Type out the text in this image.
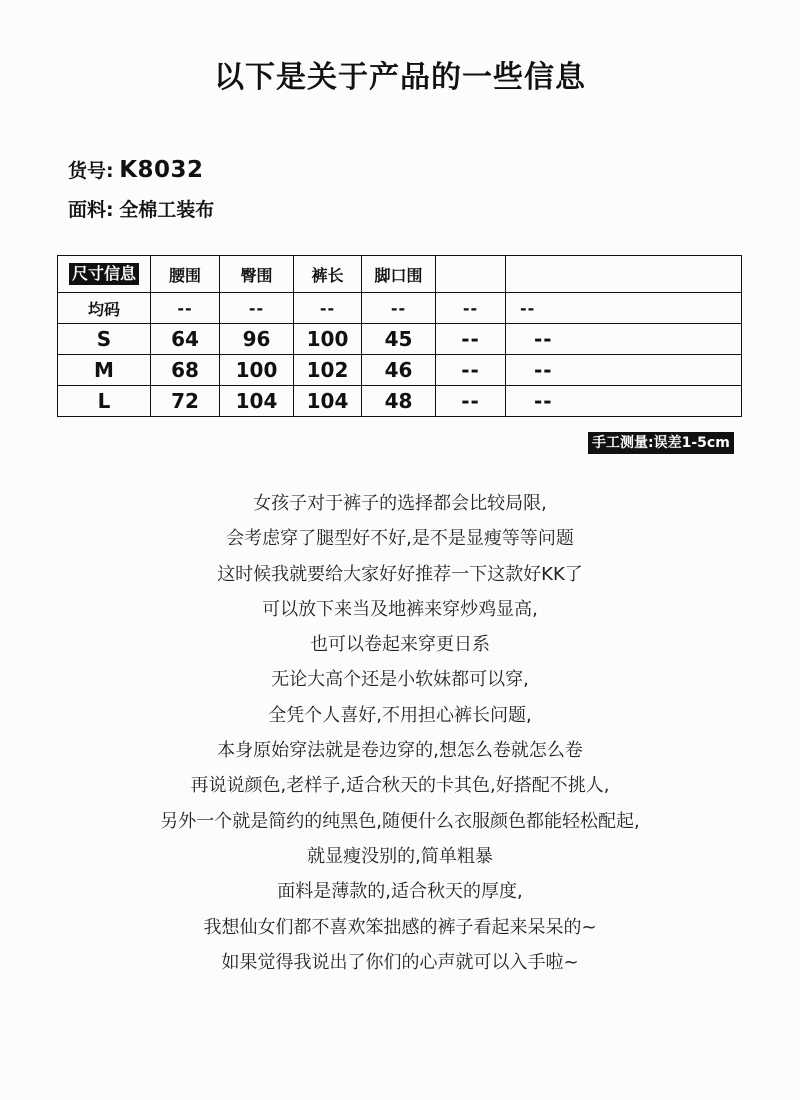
以下是关于产品的一些信息
货号: K8032
面料: 全棉工装布
尺寸信息	腰围	臀围	裤长	脚口围		
均码	--	--	--	--	--	--
S	64	96	100	45	--	--
M	68	100	102	46	--	--
L	72	104	104	48	--	--
手工测量:误差1-5cm
女孩子对于裤子的选择都会比较局限,
会考虑穿了腿型好不好,是不是显瘦等等问题
这时候我就要给大家好好推荐一下这款好KK了
可以放下来当及地裤来穿炒鸡显高,
也可以卷起来穿更日系
无论大高个还是小软妹都可以穿,
全凭个人喜好,不用担心裤长问题,
本身原始穿法就是卷边穿的,想怎么卷就怎么卷
再说说颜色,老样子,适合秋天的卡其色,好搭配不挑人,
另外一个就是简约的纯黑色,随便什么衣服颜色都能轻松配起,
就显瘦没别的,简单粗暴
面料是薄款的,适合秋天的厚度,
我想仙女们都不喜欢笨拙感的裤子看起来呆呆的~
如果觉得我说出了你们的心声就可以入手啦~
